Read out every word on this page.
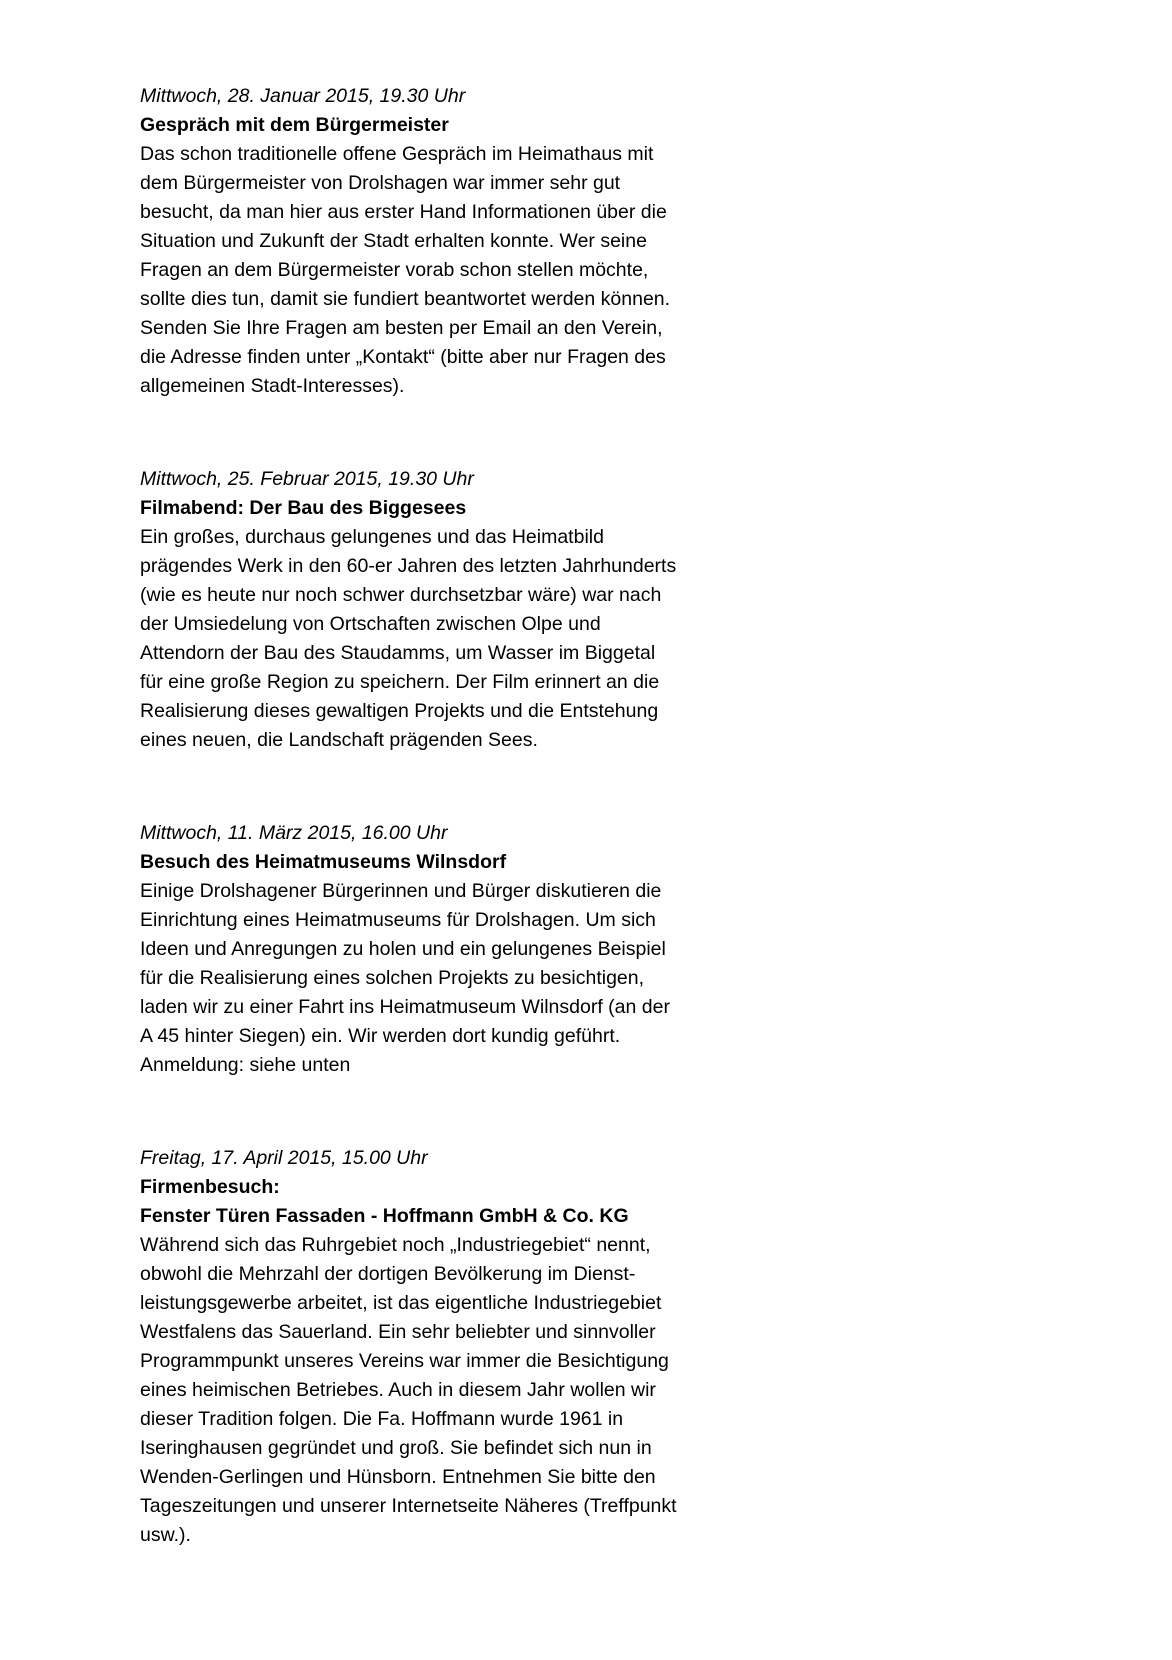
Mittwoch, 28. Januar 2015, 19.30 Uhr
Gespräch mit dem Bürgermeister
Das schon traditionelle offene Gespräch im Heimathaus mit
dem Bürgermeister von Drolshagen war immer sehr gut
besucht, da man hier aus erster Hand Informationen über die
Situation und Zukunft der Stadt erhalten konnte. Wer seine
Fragen an dem Bürgermeister vorab schon stellen möchte,
sollte dies tun, damit sie fundiert beantwortet werden können.
Senden Sie Ihre Fragen am besten per Email an den Verein,
die Adresse finden unter „Kontakt“ (bitte aber nur Fragen des
allgemeinen Stadt-Interesses).
Mittwoch, 25. Februar 2015, 19.30 Uhr
Filmabend: Der Bau des Biggesees
Ein großes, durchaus gelungenes und das Heimatbild
prägendes Werk in den 60-er Jahren des letzten Jahrhunderts
(wie es heute nur noch schwer durchsetzbar wäre) war nach
der Umsiedelung von Ortschaften zwischen Olpe und
Attendorn der Bau des Staudamms, um Wasser im Biggetal
für eine große Region zu speichern. Der Film erinnert an die
Realisierung dieses gewaltigen Projekts und die Entstehung
eines neuen, die Landschaft prägenden Sees.
Mittwoch, 11. März 2015, 16.00 Uhr
Besuch des Heimatmuseums Wilnsdorf
Einige Drolshagener Bürgerinnen und Bürger diskutieren die
Einrichtung eines Heimatmuseums für Drolshagen. Um sich
Ideen und Anregungen zu holen und ein gelungenes Beispiel
für die Realisierung eines solchen Projekts zu besichtigen,
laden wir zu einer Fahrt ins Heimatmuseum Wilnsdorf (an der
A 45 hinter Siegen) ein. Wir werden dort kundig geführt.
Anmeldung: siehe unten
Freitag, 17. April 2015, 15.00 Uhr
Firmenbesuch:
Fenster Türen Fassaden - Hoffmann GmbH & Co. KG
Während sich das Ruhrgebiet noch „Industriegebiet“ nennt,
obwohl die Mehrzahl der dortigen Bevölkerung im Dienst-
leistungsgewerbe arbeitet, ist das eigentliche Industriegebiet
Westfalens das Sauerland. Ein sehr beliebter und sinnvoller
Programmpunkt unseres Vereins war immer die Besichtigung
eines heimischen Betriebes. Auch in diesem Jahr wollen wir
dieser Tradition folgen. Die Fa. Hoffmann wurde 1961 in
Iseringhausen gegründet und groß. Sie befindet sich nun in
Wenden-Gerlingen und Hünsborn. Entnehmen Sie bitte den
Tageszeitungen und unserer Internetseite Näheres (Treffpunkt
usw.).
